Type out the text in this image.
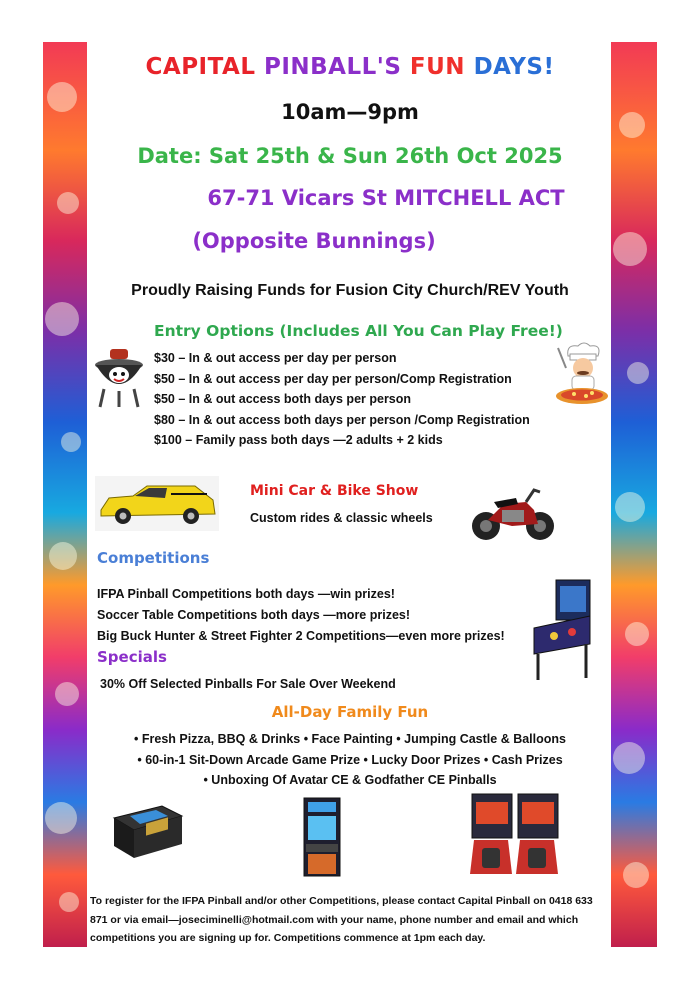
CAPITAL PINBALL'S FUN DAYS!
10am—9pm
Date: Sat 25th & Sun 26th Oct 2025
67-71 Vicars St MITCHELL ACT
(Opposite Bunnings)
Proudly Raising Funds for Fusion City Church/REV Youth
Entry Options (Includes All You Can Play Free!)
$30 – In & out access per day per person
$50 – In & out access per day per person/Comp Registration
$50 – In & out access both days per person
$80 – In & out access both days per person /Comp Registration
$100 – Family pass both days —2 adults + 2 kids
Mini Car & Bike Show
Custom rides & classic wheels
Competitions
IFPA Pinball Competitions both days —win prizes!
Soccer Table Competitions both days —more prizes!
Big Buck Hunter & Street Fighter 2 Competitions—even more prizes!
Specials
30% Off Selected Pinballs For Sale Over Weekend
All-Day Family Fun
• Fresh Pizza, BBQ & Drinks • Face Painting • Jumping Castle & Balloons
• 60-in-1 Sit-Down Arcade Game Prize • Lucky Door Prizes • Cash Prizes
• Unboxing Of Avatar CE & Godfather CE Pinballs
To register for the IFPA Pinball and/or other Competitions, please contact Capital Pinball on 0418 633 871 or via email—joseciminelli@hotmail.com with your name, phone number and email and which competitions you are signing up for. Competitions commence at 1pm each day.
